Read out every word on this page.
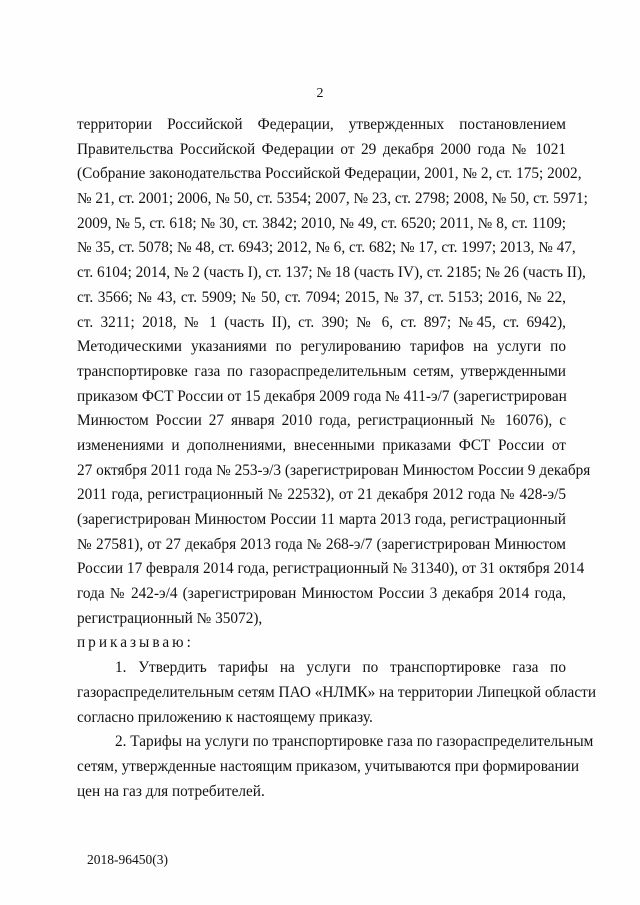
2
территории Российской Федерации, утвержденных постановлением
Правительства Российской Федерации от 29 декабря 2000 года № 1021
(Собрание законодательства Российской Федерации, 2001, № 2, ст. 175; 2002,
№ 21, ст. 2001; 2006, № 50, ст. 5354; 2007, № 23, ст. 2798; 2008, № 50, ст. 5971;
2009, № 5, ст. 618; № 30, ст. 3842; 2010, № 49, ст. 6520; 2011, № 8, ст. 1109;
№ 35, ст. 5078; № 48, ст. 6943; 2012, № 6, ст. 682; № 17, ст. 1997; 2013, № 47,
ст. 6104; 2014, № 2 (часть I), ст. 137; № 18 (часть IV), ст. 2185; № 26 (часть II),
ст. 3566; № 43, ст. 5909; № 50, ст. 7094; 2015, № 37, ст. 5153; 2016, № 22,
ст. 3211; 2018, № 1 (часть II), ст. 390; № 6, ст. 897; №45, ст. 6942),
Методическими указаниями по регулированию тарифов на услуги по
транспортировке газа по газораспределительным сетям, утвержденными
приказом ФСТ России от 15 декабря 2009 года № 411-э/7 (зарегистрирован
Минюстом России 27 января 2010 года, регистрационный № 16076), с
изменениями и дополнениями, внесенными приказами ФСТ России от
27 октября 2011 года № 253-э/3 (зарегистрирован Минюстом России 9 декабря
2011 года, регистрационный № 22532), от 21 декабря 2012 года № 428-э/5
(зарегистрирован Минюстом России 11 марта 2013 года, регистрационный
№ 27581), от 27 декабря 2013 года № 268-э/7 (зарегистрирован Минюстом
России 17 февраля 2014 года, регистрационный № 31340), от 31 октября 2014
года № 242-э/4 (зарегистрирован Минюстом России 3 декабря 2014 года,
регистрационный № 35072),
приказываю:
1. Утвердить тарифы на услуги по транспортировке газа по
газораспределительным сетям ПАО «НЛМК» на территории Липецкой области
согласно приложению к настоящему приказу.
2. Тарифы на услуги по транспортировке газа по газораспределительным
сетям, утвержденные настоящим приказом, учитываются при формировании
цен на газ для потребителей.
2018-96450(3)
